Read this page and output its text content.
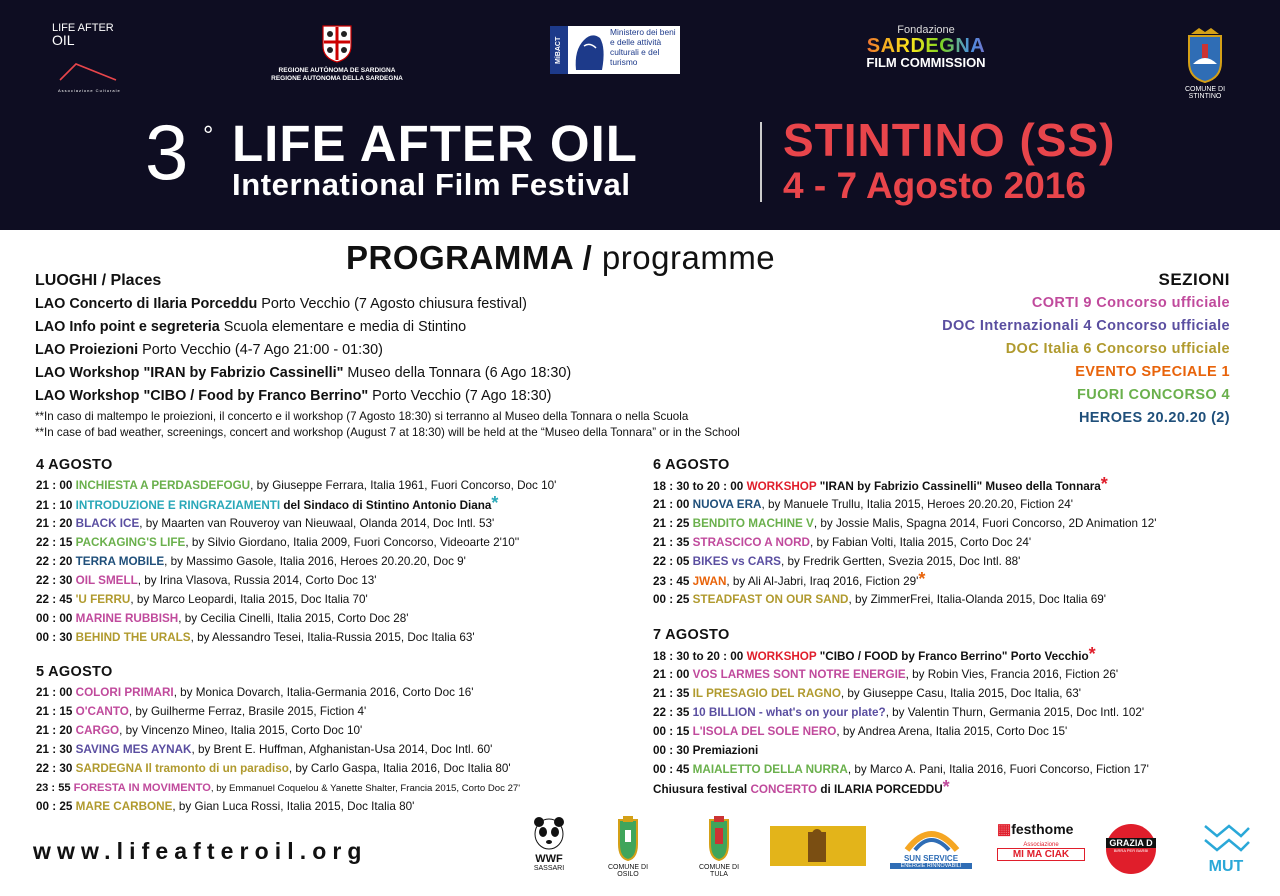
LIFE AFTER
OIL
Associazione Culturale
REGIONE AUTÒNOMA DE SARDIGNA
REGIONE AUTONOMA DELLA SARDEGNA
MiBACT
Ministero dei beni e delle attività culturali e del turismo
Fondazione
SARDEGNA
FILM COMMISSION
COMUNE DI STINTINO
3 ° LIFE AFTER OIL
International Film Festival
STINTINO (SS)
4 - 7 Agosto 2016
PROGRAMMA / programme
LUOGHI / Places
LAO Concerto di Ilaria Porceddu Porto Vecchio (7 Agosto chiusura festival)
LAO Info point e segreteria Scuola elementare e media di Stintino
LAO Proiezioni Porto Vecchio (4-7 Ago 21:00 - 01:30)
LAO Workshop "IRAN by Fabrizio Cassinelli" Museo della Tonnara (6 Ago 18:30)
LAO Workshop "CIBO / Food by Franco Berrino" Porto Vecchio (7 Ago 18:30)
**In caso di maltempo le proiezioni, il concerto e il workshop (7 Agosto 18:30) si terranno al Museo della Tonnara o nella Scuola
**In case of bad weather, screenings, concert and workshop (August 7 at 18:30) will be held at the “Museo della Tonnara” or in the School
SEZIONI
CORTI 9 Concorso ufficiale
DOC Internazionali 4 Concorso ufficiale
DOC Italia 6 Concorso ufficiale
EVENTO SPECIALE 1
FUORI CONCORSO 4
HEROES 20.20.20 (2)
4 AGOSTO
21 : 00 INCHIESTA A PERDASDEFOGU, by Giuseppe Ferrara, Italia 1961, Fuori Concorso, Doc 10'
21 : 10 INTRODUZIONE E RINGRAZIAMENTI del Sindaco di Stintino Antonio Diana*
21 : 20 BLACK ICE, by Maarten van Rouveroy van Nieuwaal, Olanda 2014, Doc Intl. 53'
22 : 15 PACKAGING'S LIFE, by Silvio Giordano, Italia 2009, Fuori Concorso, Videoarte 2'10''
22 : 20 TERRA MOBILE, by Massimo Gasole, Italia 2016, Heroes 20.20.20, Doc 9'
22 : 30 OIL SMELL, by Irina Vlasova, Russia 2014, Corto Doc 13'
22 : 45 'U FERRU, by Marco Leopardi, Italia 2015, Doc Italia 70'
00 : 00 MARINE RUBBISH, by Cecilia Cinelli, Italia 2015, Corto Doc 28'
00 : 30 BEHIND THE URALS, by Alessandro Tesei, Italia-Russia 2015, Doc Italia 63'
5 AGOSTO
21 : 00 COLORI PRIMARI, by Monica Dovarch, Italia-Germania 2016, Corto Doc 16'
21 : 15 O'CANTO, by Guilherme Ferraz, Brasile 2015, Fiction 4'
21 : 20 CARGO, by Vincenzo Mineo, Italia 2015, Corto Doc 10'
21 : 30 SAVING MES AYNAK, by Brent E. Huffman, Afghanistan-Usa 2014, Doc Intl. 60'
22 : 30 SARDEGNA Il tramonto di un paradiso, by Carlo Gaspa, Italia 2016, Doc Italia 80'
23 : 55 FORESTA IN MOVIMENTO, by Emmanuel Coquelou & Yanette Shalter, Francia 2015, Corto Doc 27'
00 : 25 MARE CARBONE, by Gian Luca Rossi, Italia 2015, Doc Italia 80'
6 AGOSTO
18 : 30 to 20 : 00 WORKSHOP "IRAN by Fabrizio Cassinelli" Museo della Tonnara*
21 : 00 NUOVA ERA, by Manuele Trullu, Italia 2015, Heroes 20.20.20, Fiction 24'
21 : 25 BENDITO MACHINE V, by Jossie Malis, Spagna 2014, Fuori Concorso, 2D Animation 12'
21 : 35 STRASCICO A NORD, by Fabian Volti, Italia 2015, Corto Doc 24'
22 : 05 BIKES vs CARS, by Fredrik Gertten, Svezia 2015, Doc Intl. 88'
23 : 45 JWAN, by Ali Al-Jabri, Iraq 2016, Fiction 29'*
00 : 25 STEADFAST ON OUR SAND, by ZimmerFrei, Italia-Olanda 2015, Doc Italia 69'
7 AGOSTO
18 : 30 to 20 : 00 WORKSHOP "CIBO / FOOD by Franco Berrino" Porto Vecchio*
21 : 00 VOS LARMES SONT NOTRE ENERGIE, by Robin Vies, Francia 2016, Fiction 26'
21 : 35 IL PRESAGIO DEL RAGNO, by Giuseppe Casu, Italia 2015, Doc Italia, 63'
22 : 35 10 BILLION - what's on your plate?, by Valentin Thurn, Germania 2015, Doc Intl. 102'
00 : 15 L'ISOLA DEL SOLE NERO, by Andrea Arena, Italia 2015, Corto Doc 15'
00 : 30 Premiazioni
00 : 45 MAIALETTO DELLA NURRA, by Marco A. Pani, Italia 2016, Fuori Concorso, Fiction 17'
Chiusura festival CONCERTO di ILARIA PORCEDDU*
www.lifeafteroil.org	WWF
SASSARI	COMUNE DI OSILO
COMUNE DI TULA
SUN SERVICE
ENERGIE RINNOVABILI
▦festhome
Associazione
MI MA CIAK
GRAZIA D
BIRRA PER BARBI
MUT
